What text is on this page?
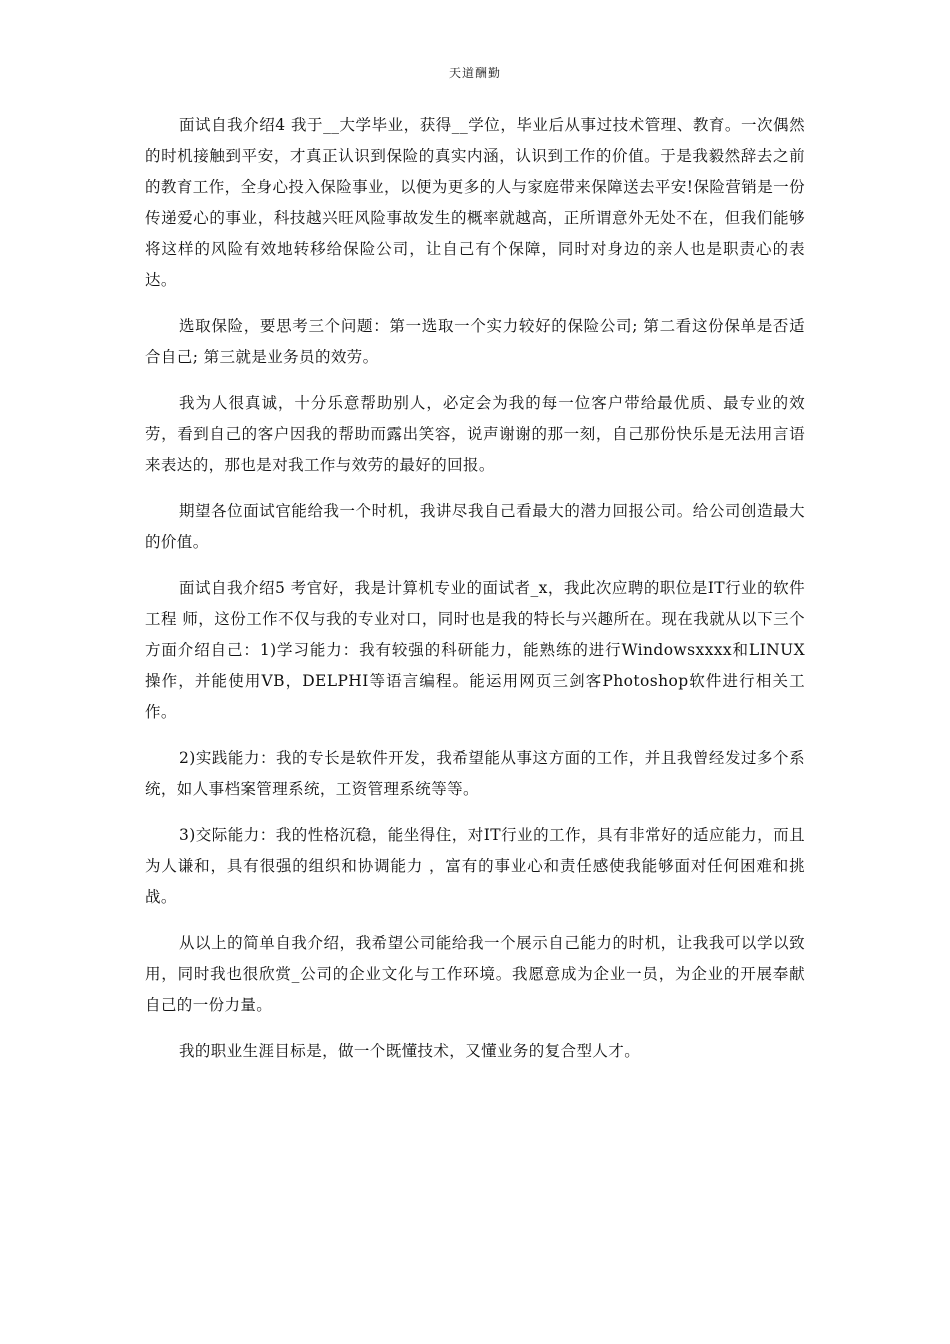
天道酬勤

面试自我介绍4 我于__大学毕业，获得__学位，毕业后从事过技术管理、教育。一次偶然的时机接触到平安，才真正认识到保险的真实内涵，认识到工作的价值。于是我毅然辞去之前的教育工作，全身心投入保险事业，以便为更多的人与家庭带来保障送去平安!保险营销是一份传递爱心的事业，科技越兴旺风险事故发生的概率就越高，正所谓意外无处不在，但我们能够将这样的风险有效地转移给保险公司，让自己有个保障，同时对身边的亲人也是职责心的表达。

选取保险，要思考三个问题：第一选取一个实力较好的保险公司; 第二看这份保单是否适合自己; 第三就是业务员的效劳。

我为人很真诚，十分乐意帮助别人，必定会为我的每一位客户带给最优质、最专业的效劳，看到自己的客户因我的帮助而露出笑容，说声谢谢的那一刻，自己那份快乐是无法用言语来表达的，那也是对我工作与效劳的最好的回报。

期望各位面试官能给我一个时机，我讲尽我自己看最大的潜力回报公司。给公司创造最大的价值。

面试自我介绍5 考官好，我是计算机专业的面试者_x，我此次应聘的职位是IT行业的软件工程 师，这份工作不仅与我的专业对口，同时也是我的特长与兴趣所在。现在我就从以下三个方面介绍自己：1)学习能力：我有较强的科研能力，能熟练的进行Windowsxxxx和LINUX操作，并能使用VB，DELPHI等语言编程。能运用网页三剑客Photoshop软件进行相关工作。

2)实践能力：我的专长是软件开发，我希望能从事这方面的工作，并且我曾经发过多个系统，如人事档案管理系统，工资管理系统等等。

3)交际能力：我的性格沉稳，能坐得住，对IT行业的工作，具有非常好的适应能力，而且为人谦和，具有很强的组织和协调能力 ，富有的事业心和责任感使我能够面对任何困难和挑战。

从以上的简单自我介绍，我希望公司能给我一个展示自己能力的时机，让我我可以学以致用，同时我也很欣赏_公司的企业文化与工作环境。我愿意成为企业一员，为企业的开展奉献自己的一份力量。

我的职业生涯目标是，做一个既懂技术，又懂业务的复合型人才。
